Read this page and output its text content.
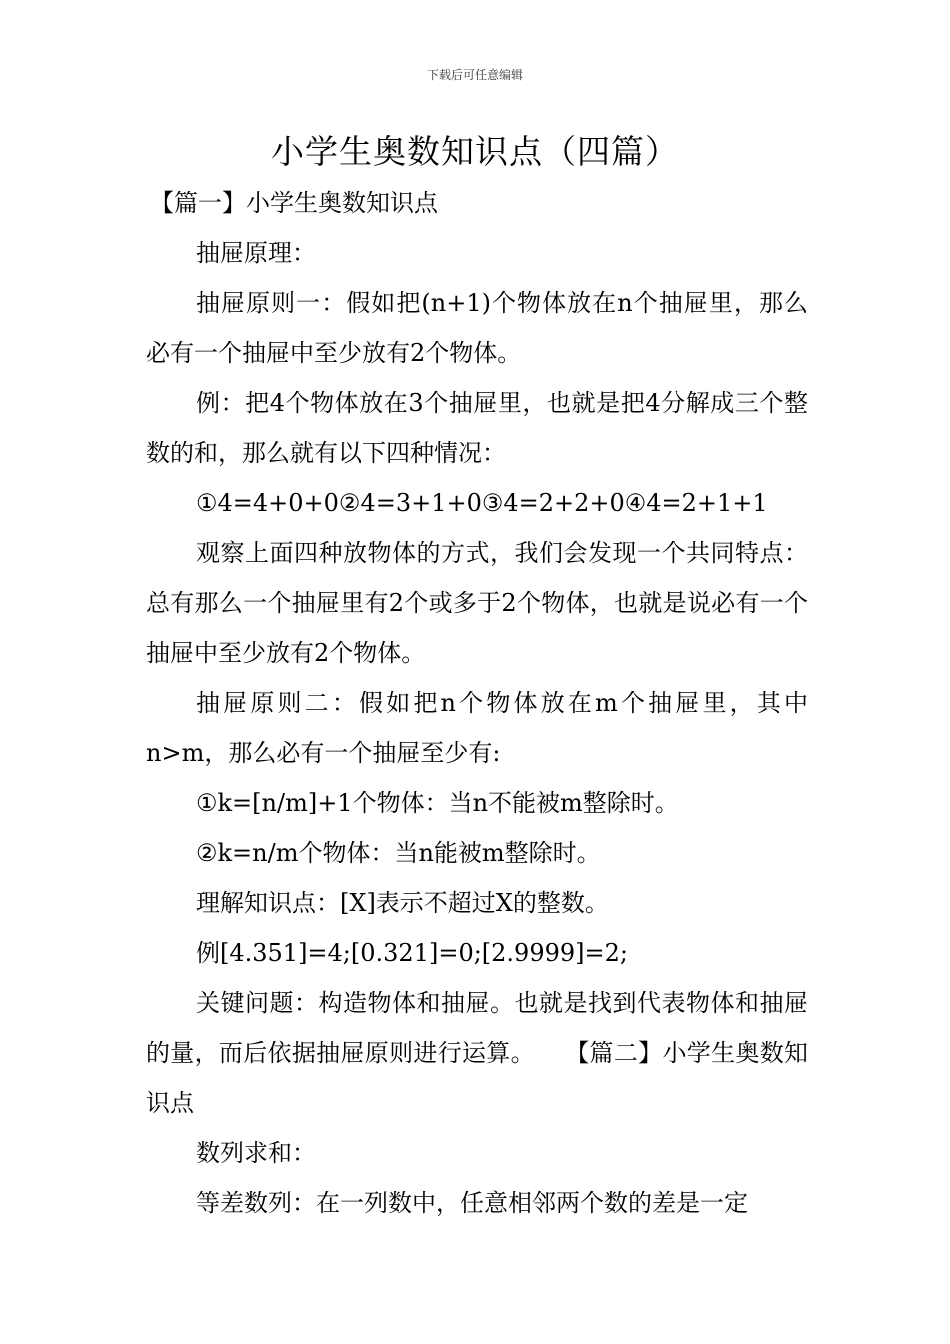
下载后可任意编辑
小学生奥数知识点（四篇）

【篇一】小学生奥数知识点

抽屉原理：

抽屉原则一：假如把(n+1)个物体放在n个抽屉里，那么必有一个抽屉中至少放有2个物体。

例：把4个物体放在3个抽屉里，也就是把4分解成三个整数的和，那么就有以下四种情况：

①4=4+0+0②4=3+1+0③4=2+2+0④4=2+1+1

观察上面四种放物体的方式，我们会发现一个共同特点：总有那么一个抽屉里有2个或多于2个物体，也就是说必有一个抽屉中至少放有2个物体。

抽屉原则二：假如把n个物体放在m个抽屉里，其中n>m，那么必有一个抽屉至少有:

①k=[n/m]+1个物体：当n不能被m整除时。

②k=n/m个物体：当n能被m整除时。

理解知识点：[X]表示不超过X的整数。

例[4.351]=4;[0.321]=0;[2.9999]=2;

关键问题：构造物体和抽屉。也就是找到代表物体和抽屉的量，而后依据抽屉原则进行运算。 【篇二】小学生奥数知识点

数列求和：

等差数列：在一列数中，任意相邻两个数的差是一定
